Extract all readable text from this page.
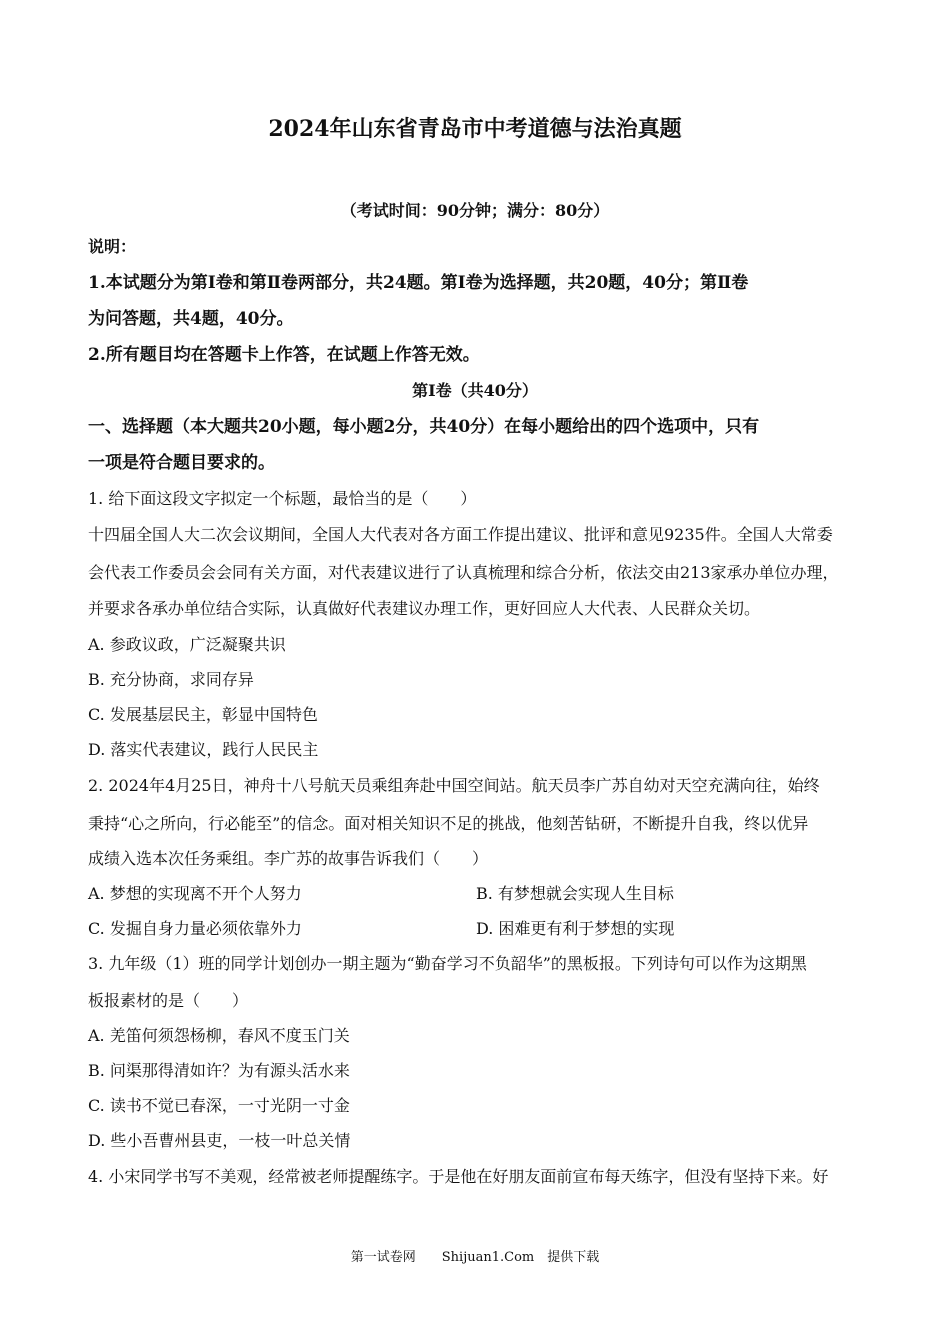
2024年山东省青岛市中考道德与法治真题
（考试时间：90分钟；满分：80分）
说明：
1.本试题分为第Ⅰ卷和第Ⅱ卷两部分，共24题。第Ⅰ卷为选择题，共20题，40分；第Ⅱ卷
为问答题，共4题，40分。
2.所有题目均在答题卡上作答，在试题上作答无效。
第Ⅰ卷（共40分）
一、选择题（本大题共20小题，每小题2分，共40分）在每小题给出的四个选项中，只有
一项是符合题目要求的。
1. 给下面这段文字拟定一个标题，最恰当的是（　　）
十四届全国人大二次会议期间，全国人大代表对各方面工作提出建议、批评和意见9235件。全国人大常委
会代表工作委员会会同有关方面，对代表建议进行了认真梳理和综合分析，依法交由213家承办单位办理，
并要求各承办单位结合实际，认真做好代表建议办理工作，更好回应人大代表、人民群众关切。
A. 参政议政，广泛凝聚共识
B. 充分协商，求同存异
C. 发展基层民主，彰显中国特色
D. 落实代表建议，践行人民民主
2. 2024年4月25日，神舟十八号航天员乘组奔赴中国空间站。航天员李广苏自幼对天空充满向往，始终
秉持“心之所向，行必能至”的信念。面对相关知识不足的挑战，他刻苦钻研，不断提升自我，终以优异
成绩入选本次任务乘组。李广苏的故事告诉我们（　　）
A. 梦想的实现离不开个人努力	B. 有梦想就会实现人生目标
C. 发掘自身力量必须依靠外力	D. 困难更有利于梦想的实现
3. 九年级（1）班的同学计划创办一期主题为“勤奋学习不负韶华”的黑板报。下列诗句可以作为这期黑
板报素材的是（　　）
A. 羌笛何须怨杨柳，春风不度玉门关
B. 问渠那得清如许？为有源头活水来
C. 读书不觉已春深，一寸光阴一寸金
D. 些小吾曹州县吏，一枝一叶总关情
4. 小宋同学书写不美观，经常被老师提醒练字。于是他在好朋友面前宣布每天练字，但没有坚持下来。好
第一试卷网　　Shijuan1.Com　提供下载
